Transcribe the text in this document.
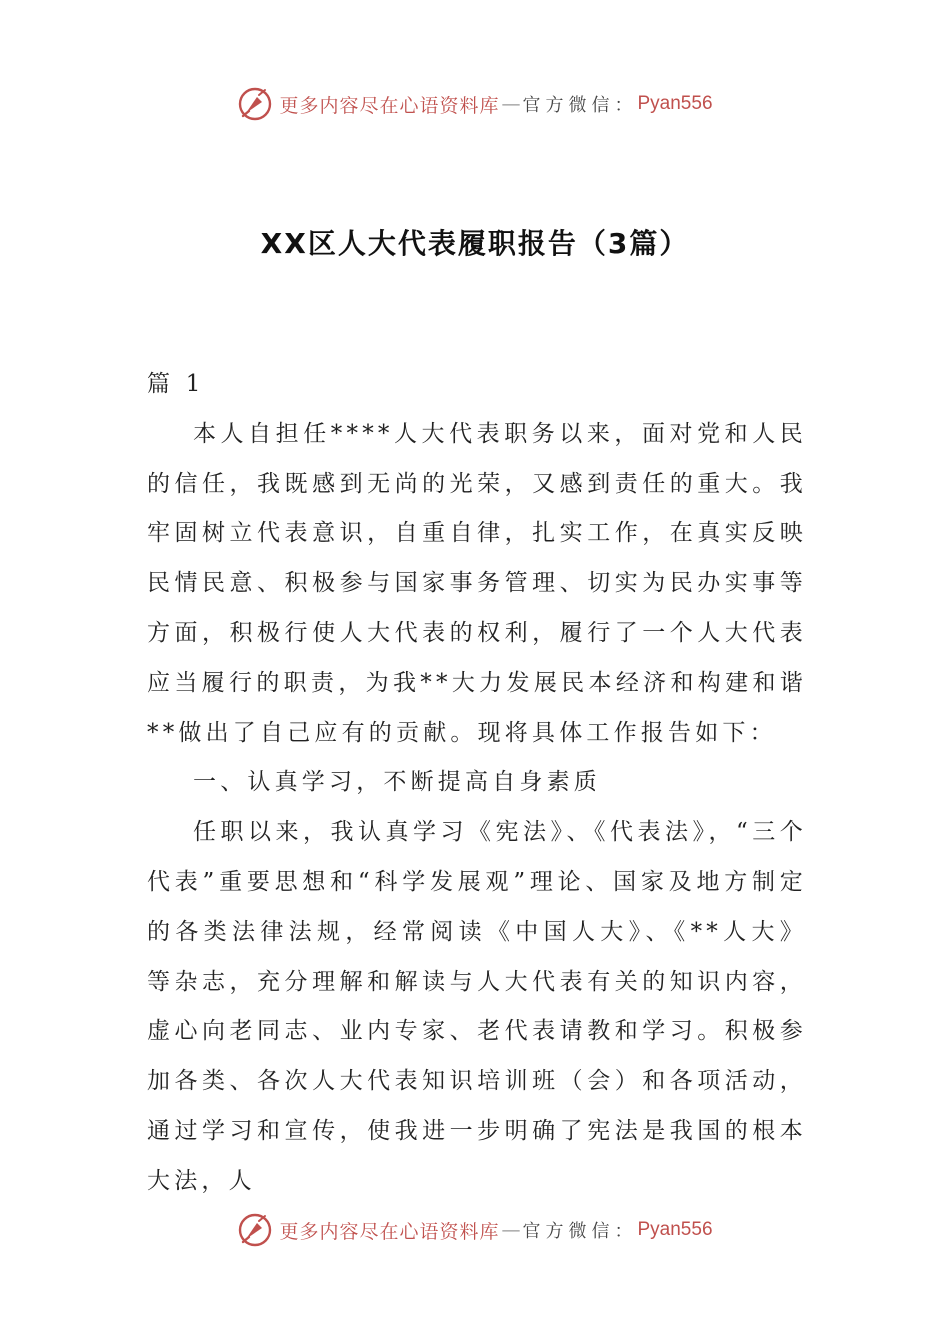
更多内容尽在心语资料库 — 官方微信： Pyan556
XX区人大代表履职报告（3篇）

篇 1

本人自担任****人大代表职务以来，面对党和人民的信任，我既感到无尚的光荣，又感到责任的重大。我牢固树立代表意识，自重自律，扎实工作，在真实反映民情民意、积极参与国家事务管理、切实为民办实事等方面，积极行使人大代表的权利，履行了一个人大代表应当履行的职责，为我**大力发展民本经济和构建和谐**做出了自己应有的贡献。现将具体工作报告如下：

一、认真学习，不断提高自身素质

任职以来，我认真学习《宪法》、《代表法》，“三个代表”重要思想和“科学发展观”理论、国家及地方制定的各类法律法规，经常阅读《中国人大》、《**人大》等杂志，充分理解和解读与人大代表有关的知识内容，虚心向老同志、业内专家、老代表请教和学习。积极参加各类、各次人大代表知识培训班（会）和各项活动，通过学习和宣传，使我进一步明确了宪法是我国的根本大法，人

更多内容尽在心语资料库 — 官方微信： Pyan556
